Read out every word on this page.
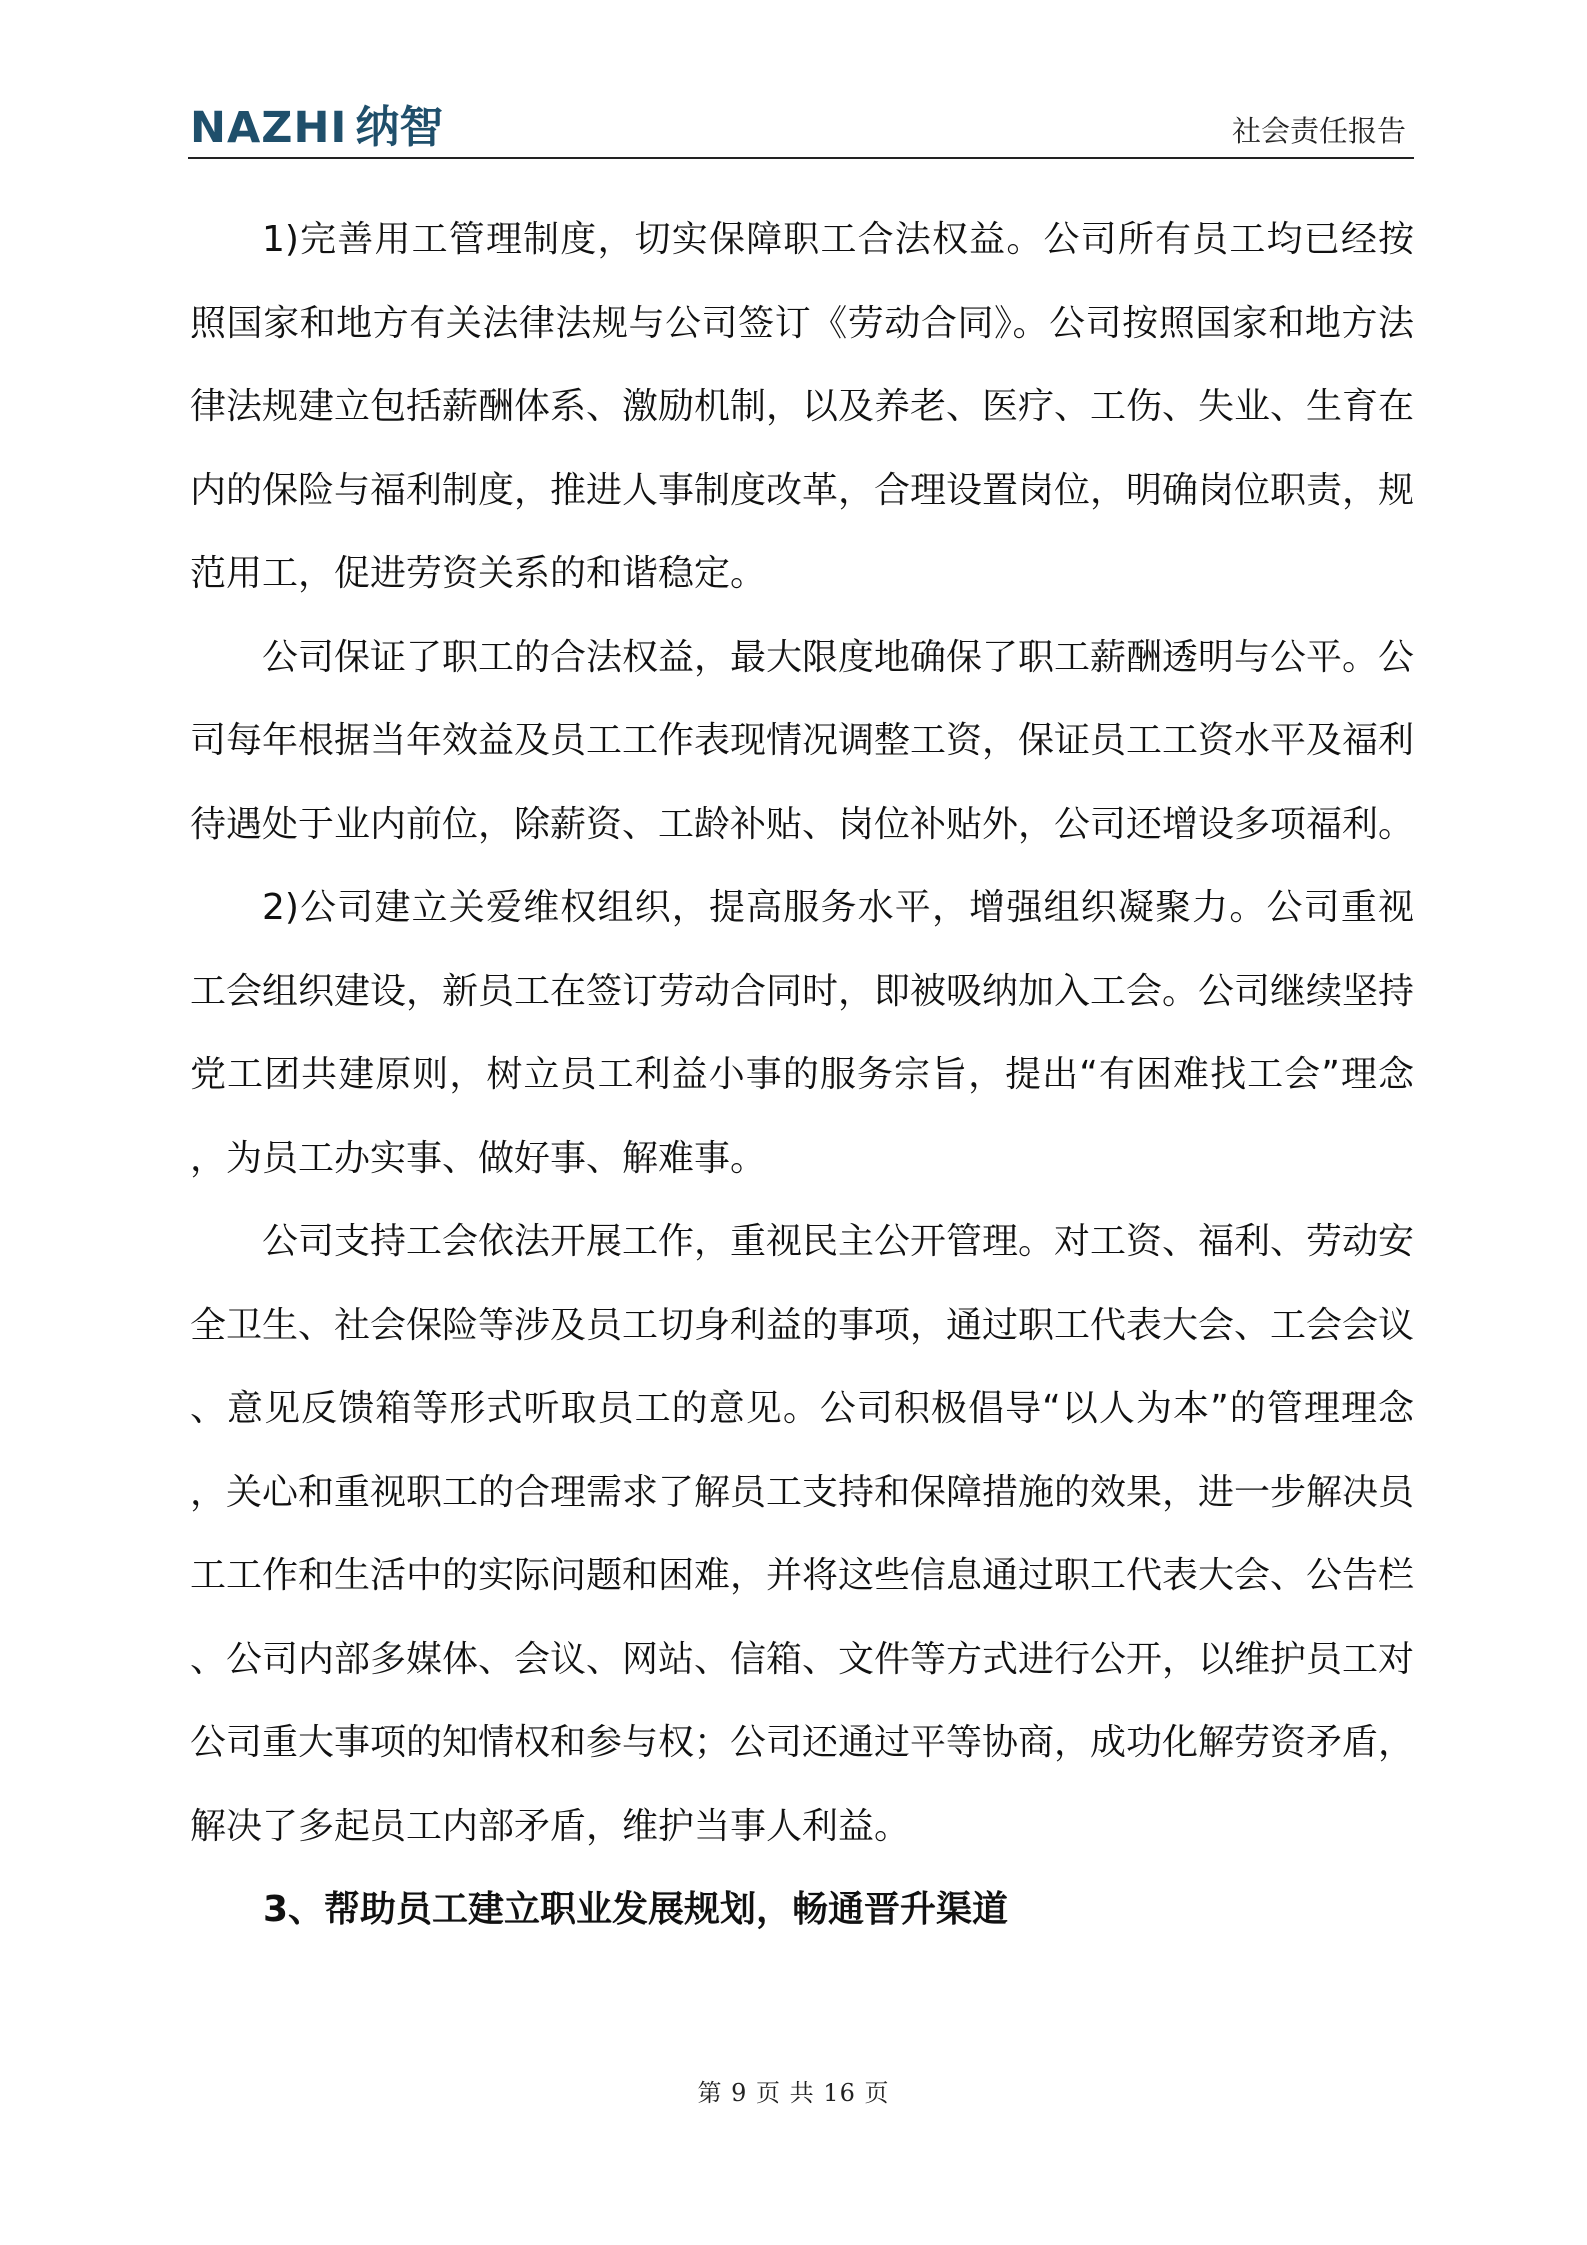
NAZHI 纳智	社会责任报告

1)完善用工管理制度，切实保障职工合法权益。公司所有员工均已经按照国家和地方有关法律法规与公司签订《劳动合同》。公司按照国家和地方法律法规建立包括薪酬体系、激励机制，以及养老、医疗、工伤、失业、生育在内的保险与福利制度，推进人事制度改革，合理设置岗位，明确岗位职责，规范用工，促进劳资关系的和谐稳定。

公司保证了职工的合法权益，最大限度地确保了职工薪酬透明与公平。公司每年根据当年效益及员工工作表现情况调整工资，保证员工工资水平及福利待遇处于业内前位，除薪资、工龄补贴、岗位补贴外，公司还增设多项福利。

2)公司建立关爱维权组织，提高服务水平，增强组织凝聚力。公司重视工会组织建设，新员工在签订劳动合同时，即被吸纳加入工会。公司继续坚持党工团共建原则，树立员工利益小事的服务宗旨，提出“有困难找工会”理念，为员工办实事、做好事、解难事。

公司支持工会依法开展工作，重视民主公开管理。对工资、福利、劳动安全卫生、社会保险等涉及员工切身利益的事项，通过职工代表大会、工会会议、意见反馈箱等形式听取员工的意见。公司积极倡导“以人为本”的管理理念，关心和重视职工的合理需求了解员工支持和保障措施的效果，进一步解决员工工作和生活中的实际问题和困难，并将这些信息通过职工代表大会、公告栏、公司内部多媒体、会议、网站、信箱、文件等方式进行公开，以维护员工对公司重大事项的知情权和参与权；公司还通过平等协商，成功化解劳资矛盾，解决了多起员工内部矛盾，维护当事人利益。

3、帮助员工建立职业发展规划，畅通晋升渠道
第 9 页 共 16 页
